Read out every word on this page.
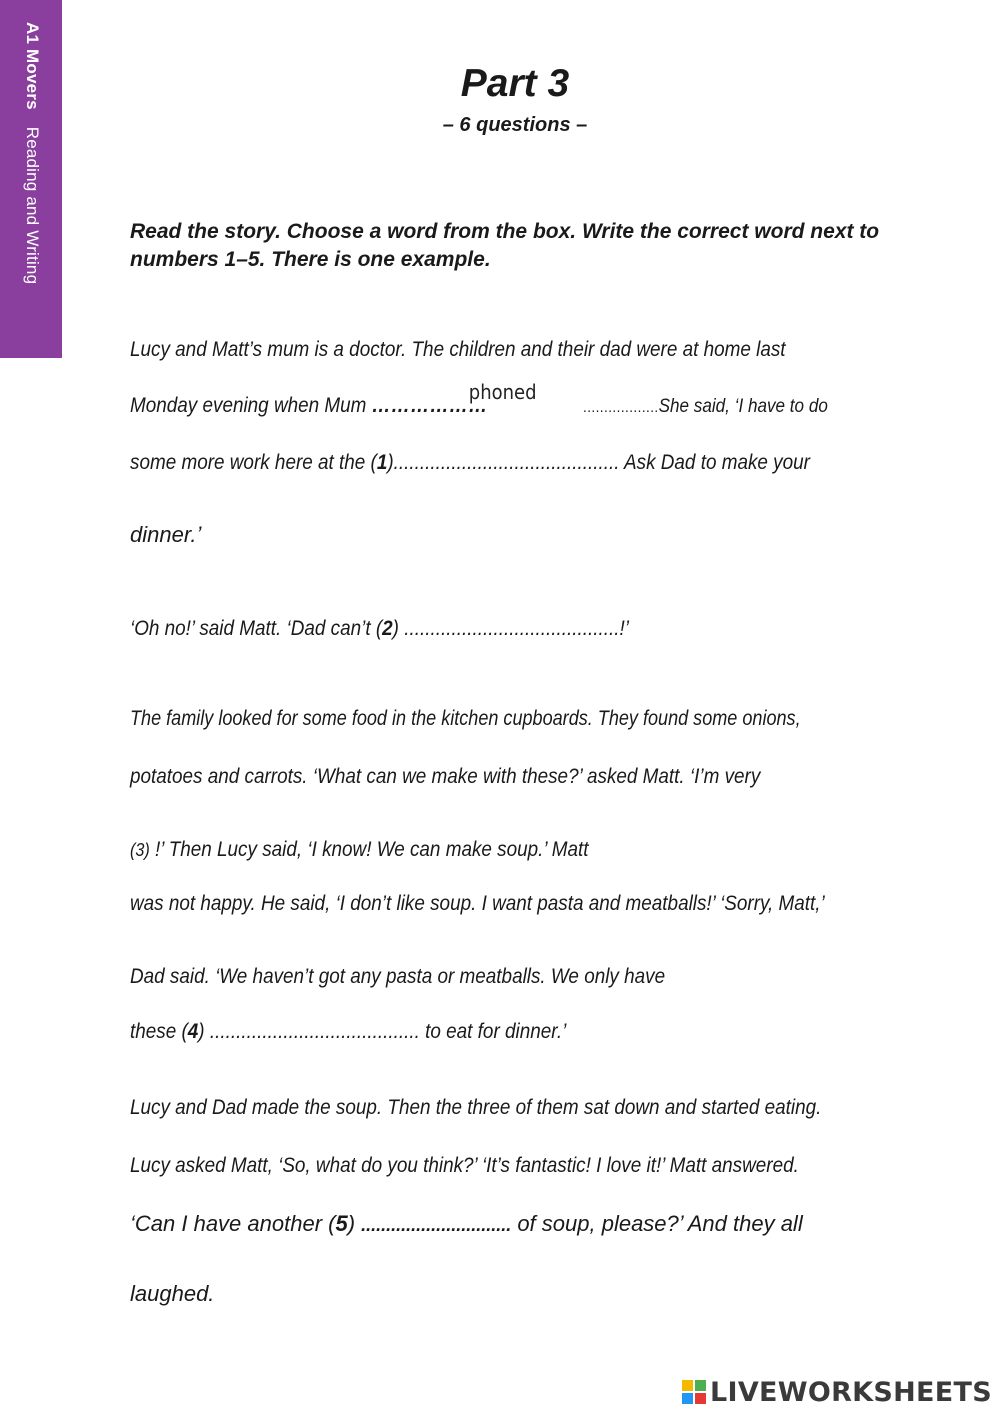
A1 Movers Reading and Writing
Part 3
– 6 questions –
Read the story. Choose a word from the box. Write the correct word next to numbers 1–5. There is one example.
Lucy and Matt’s mum is a doctor. The children and their dad were at home last
phoned
Monday evening when Mum ………………	..................She said, ‘I have to do
some more work here at the (1)........................................... Ask Dad to make your
dinner.’
‘Oh no!’ said Matt. ‘Dad can’t (2) .........................................!’
The family looked for some food in the kitchen cupboards. They found some onions,
potatoes and carrots. ‘What can we make with these?’ asked Matt. ‘I’m very
(3) !’ Then Lucy said, ‘I know! We can make soup.’ Matt
was not happy. He said, ‘I don’t like soup. I want pasta and meatballs!’ ‘Sorry, Matt,’
Dad said. ‘We haven’t got any pasta or meatballs. We only have
these (4) ........................................ to eat for dinner.’
Lucy and Dad made the soup. Then the three of them sat down and started eating.
Lucy asked Matt, ‘So, what do you think?’ ‘It’s fantastic! I love it!’ Matt answered.
‘Can I have another (5) .............................. of soup, please?’ And they all
laughed.
LIVEWORKSHEETS
